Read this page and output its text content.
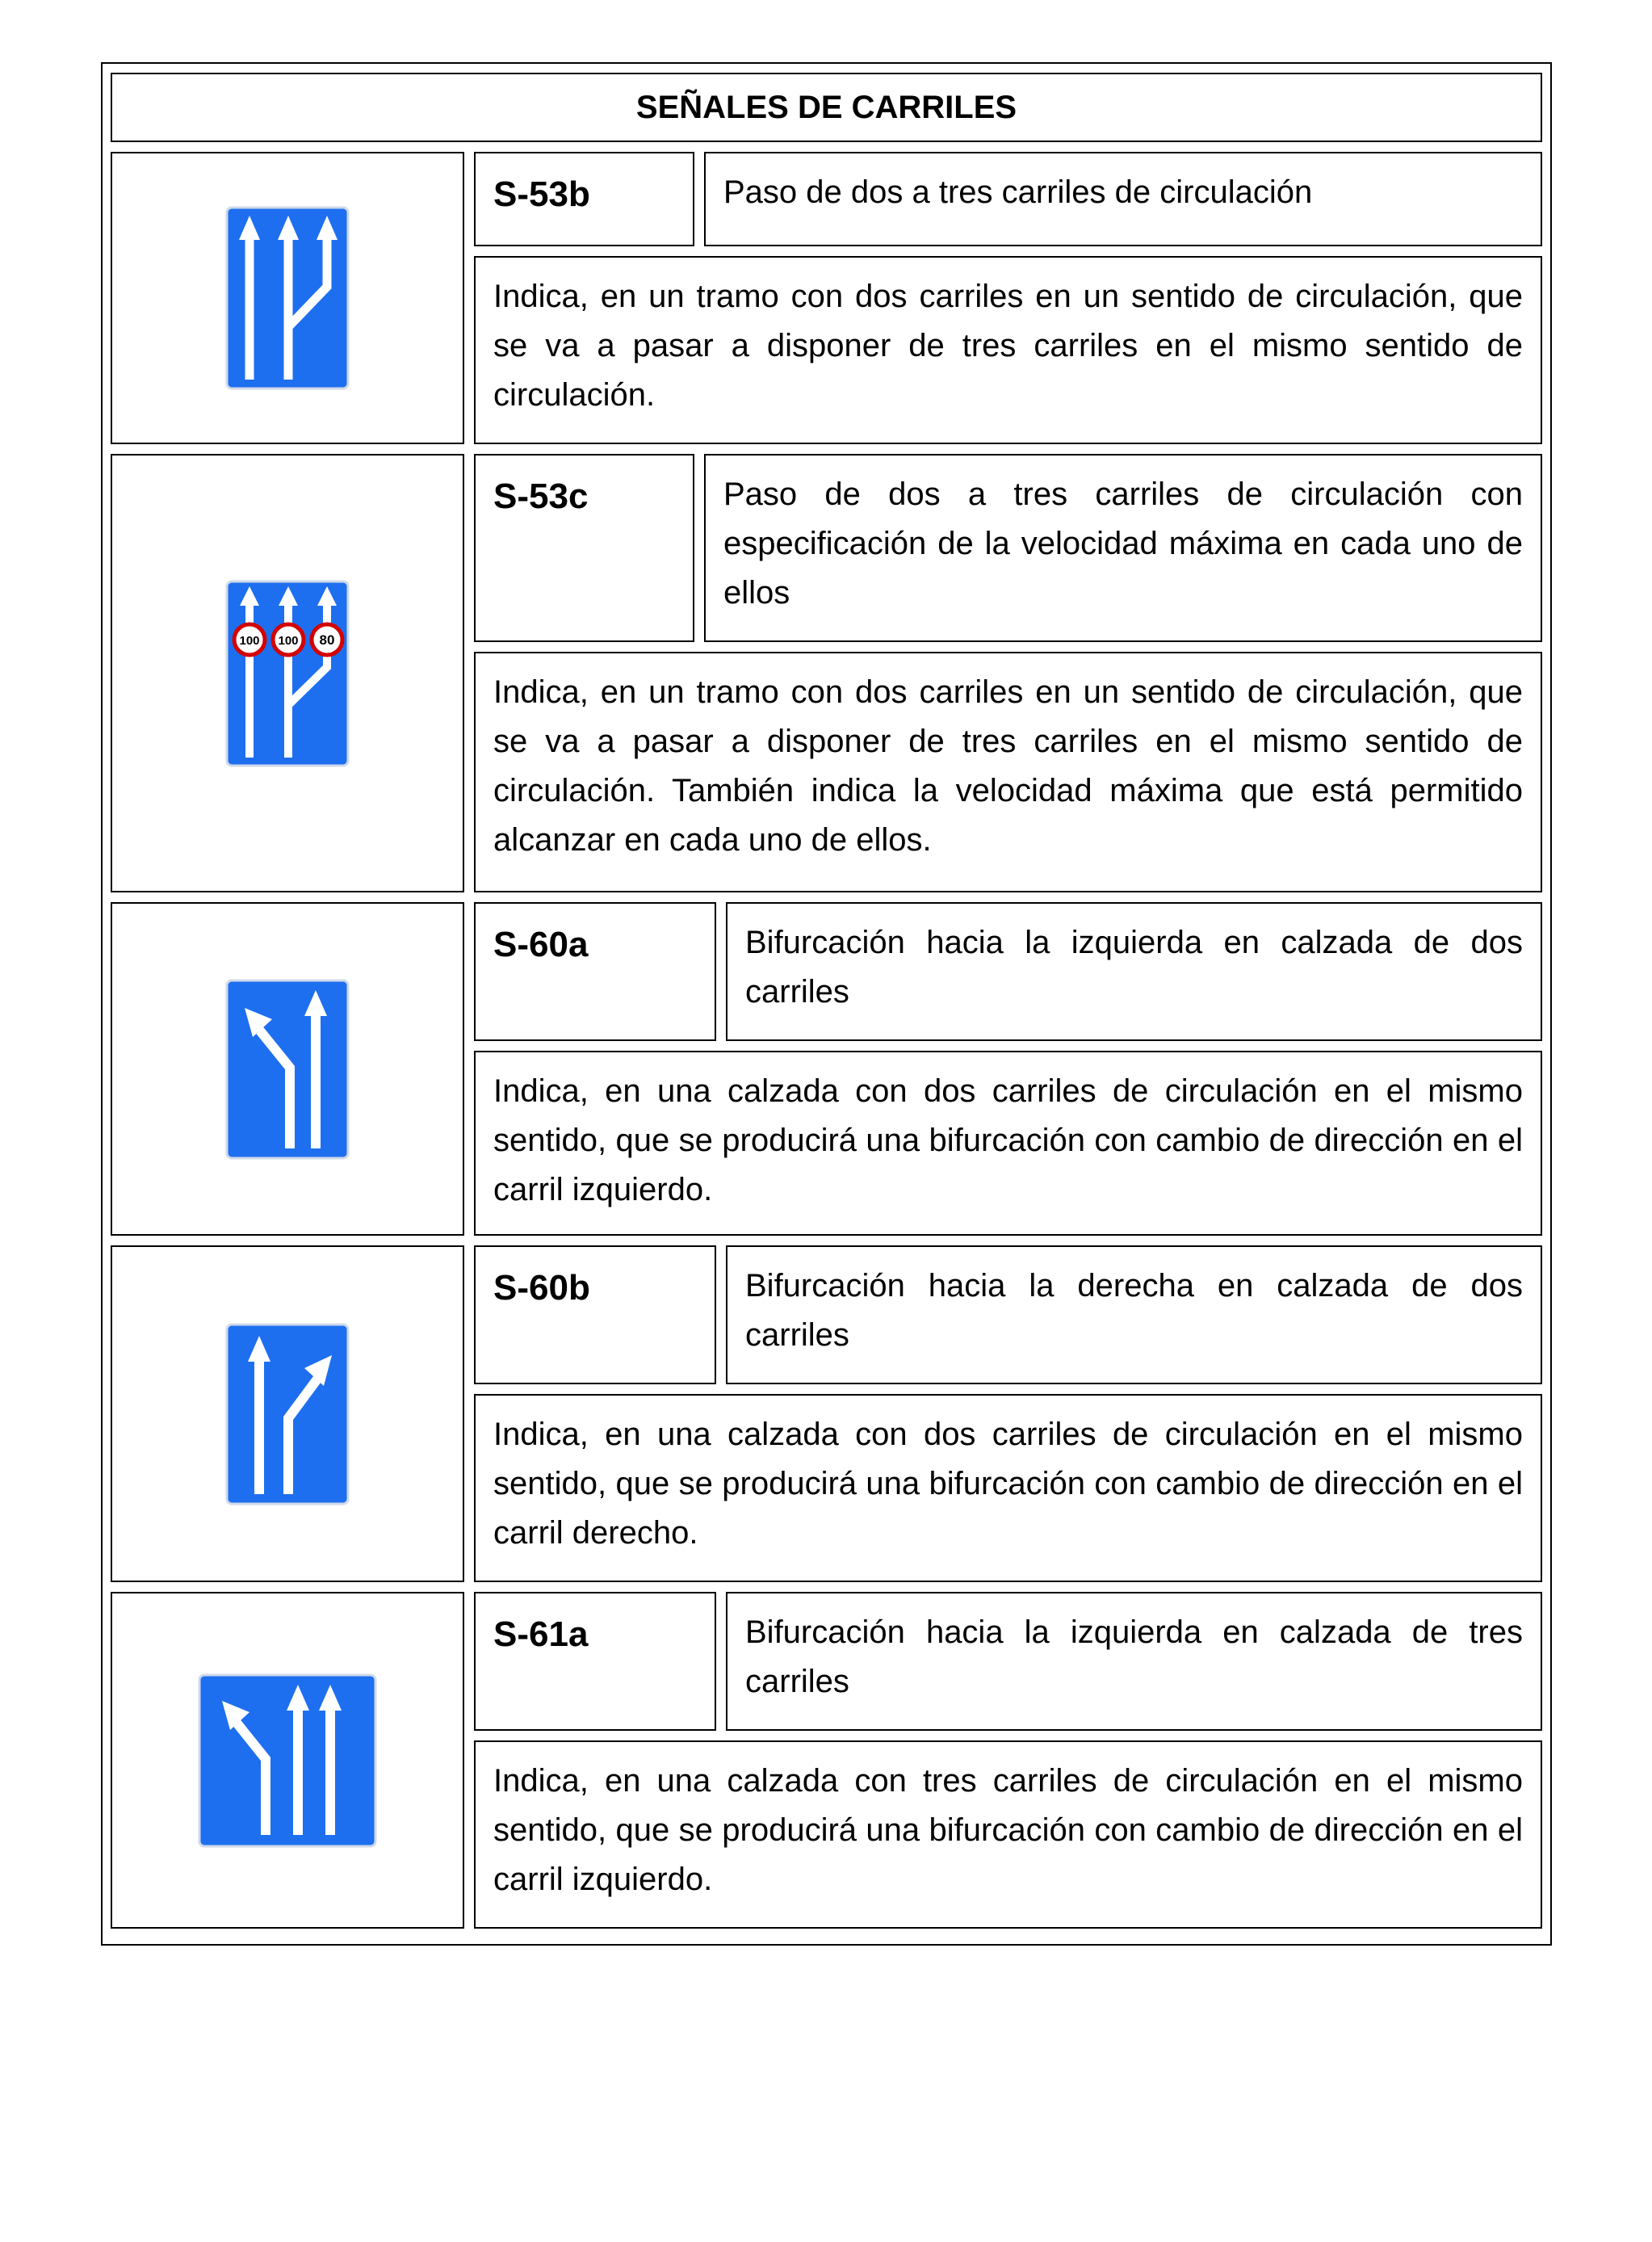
SEÑALES DE CARRILES
S-53b	Paso de dos a tres carriles de circulación
Indica, en un tramo con dos carriles en un sentido de circulación, que se va a pasar a disponer de tres carriles en el mismo sentido de circulación.
100 100 80
S-53c	Paso de dos a tres carriles de circulación con especificación de la velocidad máxima en cada uno de ellos
Indica, en un tramo con dos carriles en un sentido de circulación, que se va a pasar a disponer de tres carriles en el mismo sentido de circulación. También indica la velocidad máxima que está permitido alcanzar en cada uno de ellos.
S-60a	Bifurcación hacia la izquierda en calzada de dos carriles
Indica, en una calzada con dos carriles de circulación en el mismo sentido, que se producirá una bifurcación con cambio de dirección en el carril izquierdo.
S-60b	Bifurcación hacia la derecha en calzada de dos carriles
Indica, en una calzada con dos carriles de circulación en el mismo sentido, que se producirá una bifurcación con cambio de dirección en el carril derecho.
S-61a	Bifurcación hacia la izquierda en calzada de tres carriles
Indica, en una calzada con tres carriles de circulación en el mismo sentido, que se producirá una bifurcación con cambio de dirección en el carril izquierdo.
